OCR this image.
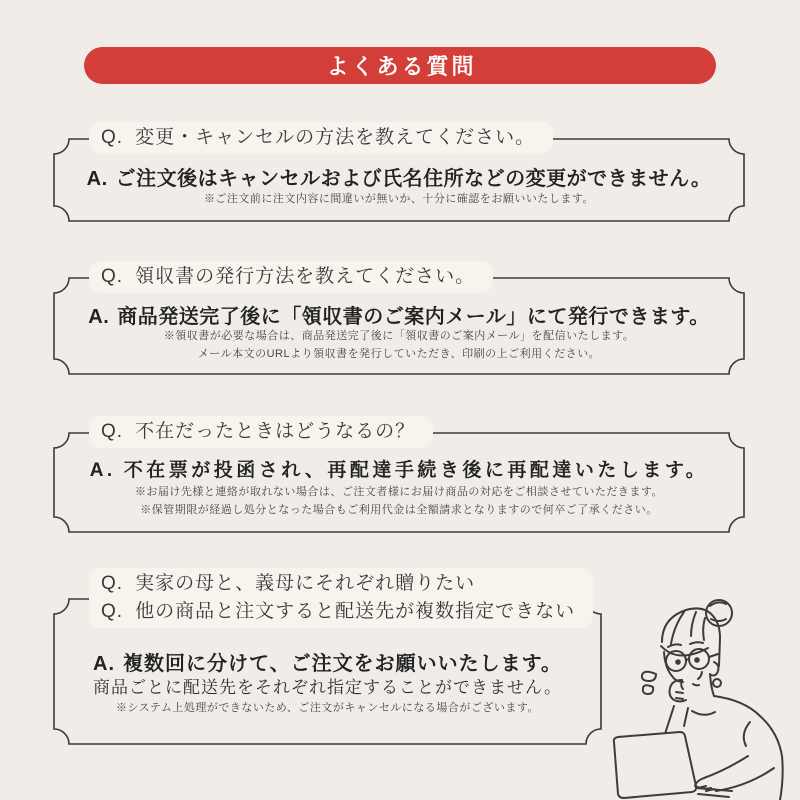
よくある質問
Q. 変更・キャンセルの方法を教えてください。
A. ご注文後はキャンセルおよび氏名住所などの変更ができません。
※ご注文前に注文内容に間違いが無いか、十分に確認をお願いいたします。
Q. 領収書の発行方法を教えてください。
A. 商品発送完了後に「領収書のご案内メール」にて発行できます。
※領収書が必要な場合は、商品発送完了後に「領収書のご案内メール」を配信いたします。
メール本文のURLより領収書を発行していただき、印刷の上ご利用ください。
Q. 不在だったときはどうなるの？
A. 不在票が投函され、再配達手続き後に再配達いたします。
※お届け先様と連絡が取れない場合は、ご注文者様にお届け商品の対応をご相談させていただきます。
※保管期限が経過し処分となった場合もご利用代金は全額請求となりますので何卒ご了承ください。
Q. 実家の母と、義母にそれぞれ贈りたい
Q. 他の商品と注文すると配送先が複数指定できない
A. 複数回に分けて、ご注文をお願いいたします。
商品ごとに配送先をそれぞれ指定することができません。
※システム上処理ができないため、ご注文がキャンセルになる場合がございます。
